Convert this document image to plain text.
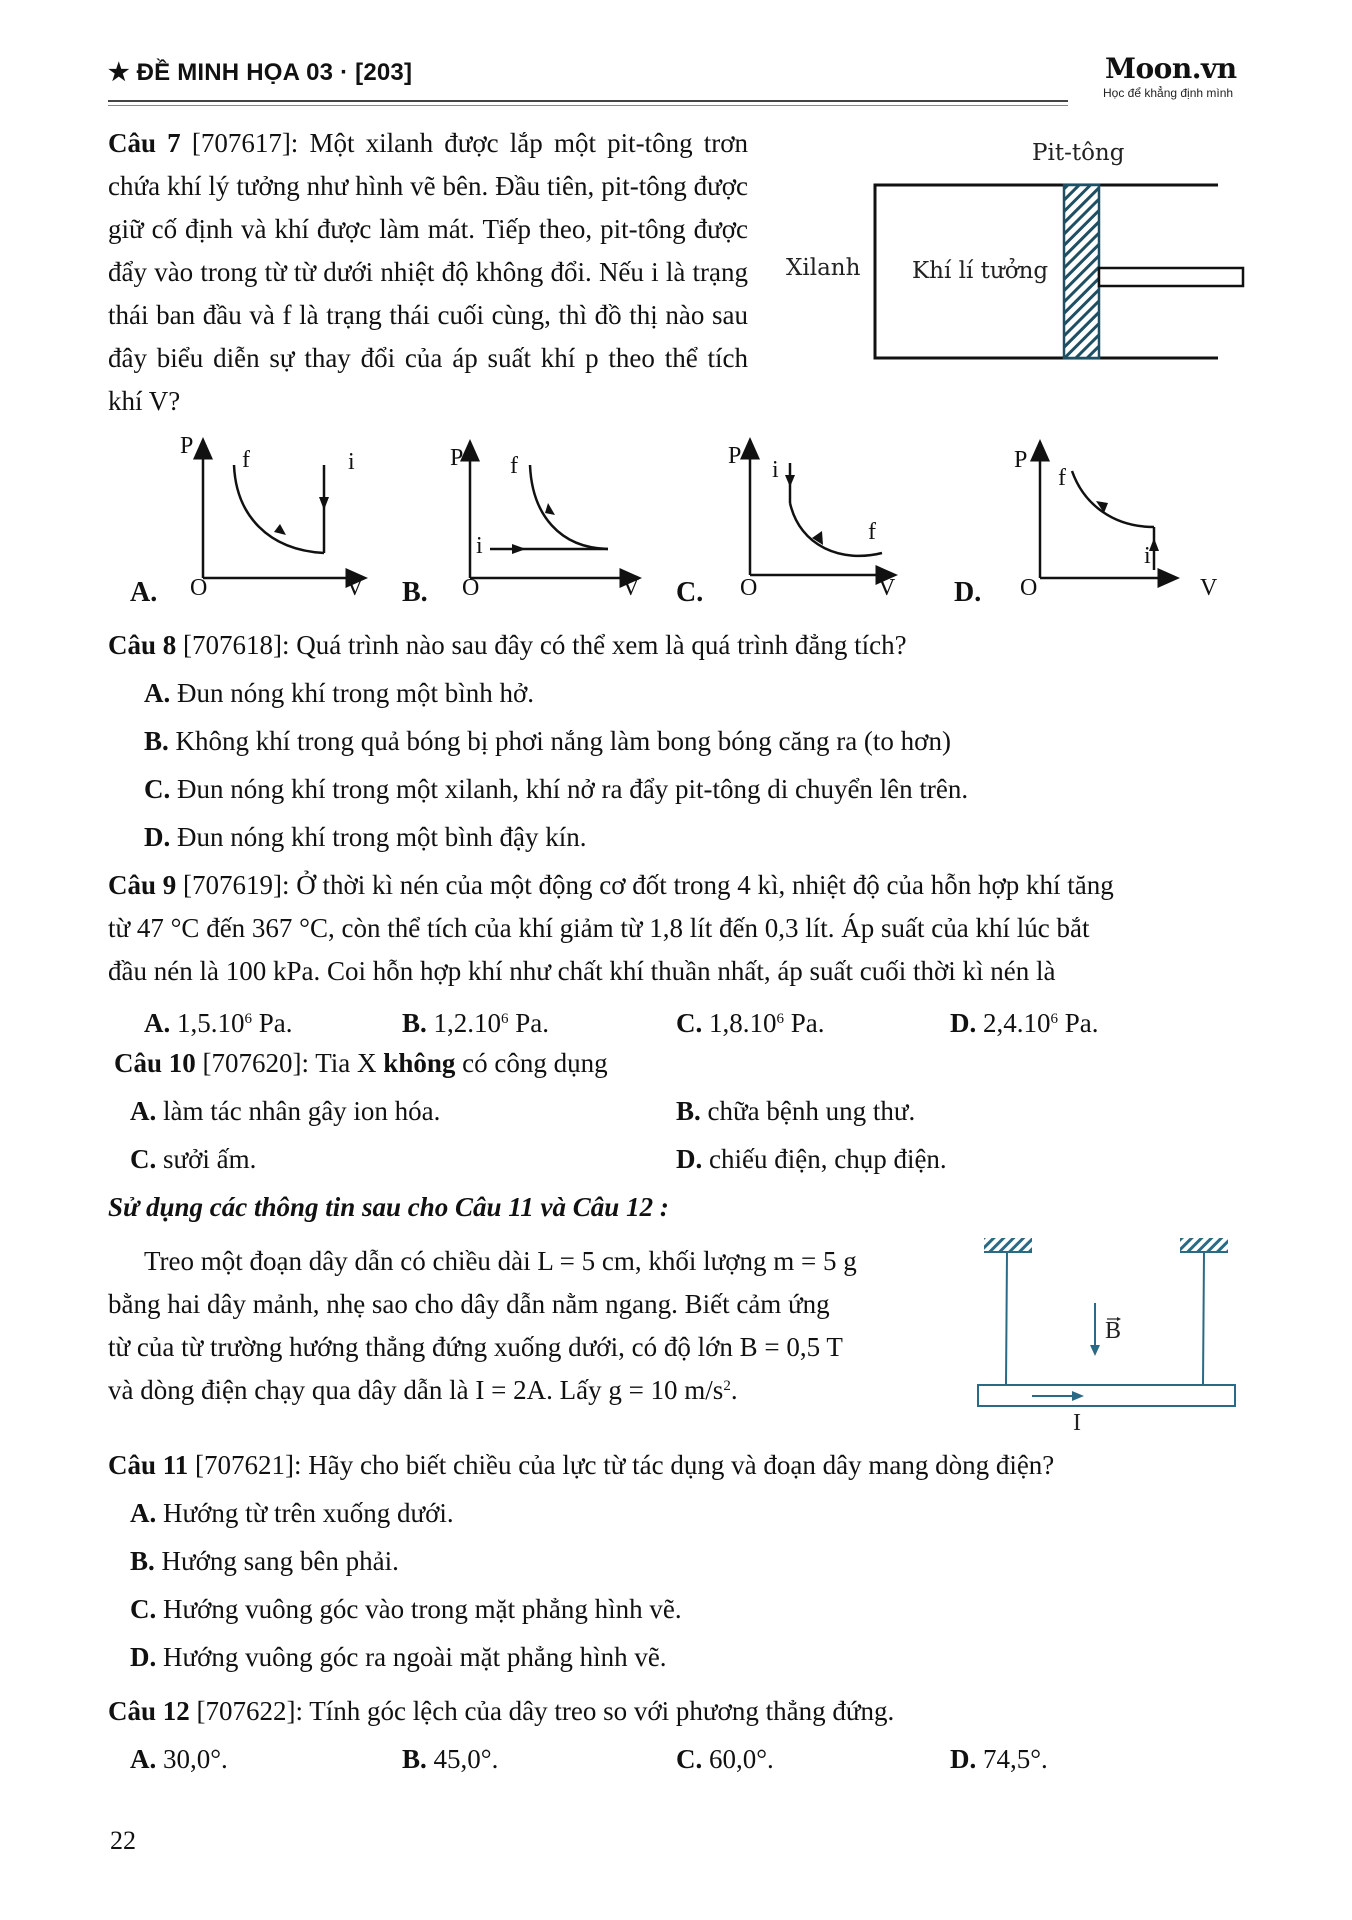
★ ĐỀ MINH HỌA 03 · [203]	Moon.vn
Học để khẳng định mình
Câu 7 [707617]: Một xilanh được lắp một pit-tông trơn chứa khí lý tưởng như hình vẽ bên. Đầu tiên, pit-tông được giữ cố định và khí được làm mát. Tiếp theo, pit-tông được đẩy vào trong từ từ dưới nhiệt độ không đổi. Nếu i là trạng thái ban đầu và f là trạng thái cuối cùng, thì đồ thị nào sau đây biểu diễn sự thay đổi của áp suất khí p theo thể tích khí V?
Pit-tông
Xilanh Khí lí tưởng
P
f	i
A. O	V
P f
i
B. O	V
P
i
f
C. O	V
P
f
i
D. O	V
Câu 8 [707618]: Quá trình nào sau đây có thể xem là quá trình đẳng tích?
A. Đun nóng khí trong một bình hở.
B. Không khí trong quả bóng bị phơi nắng làm bong bóng căng ra (to hơn)
C. Đun nóng khí trong một xilanh, khí nở ra đẩy pit-tông di chuyển lên trên.
D. Đun nóng khí trong một bình đậy kín.
Câu 9 [707619]: Ở thời kì nén của một động cơ đốt trong 4 kì, nhiệt độ của hỗn hợp khí tăng
từ 47 °C đến 367 °C, còn thể tích của khí giảm từ 1,8 lít đến 0,3 lít. Áp suất của khí lúc bắt
đầu nén là 100 kPa. Coi hỗn hợp khí như chất khí thuần nhất, áp suất cuối thời kì nén là
A. 1,5.10$^6$ Pa.	B. 1,2.10$^6$ Pa.	C. 1,8.10$^6$ Pa.	D. 2,4.10$^6$ Pa.
Câu 10 [707620]: Tia X không có công dụng
A. làm tác nhân gây ion hóa.	B. chữa bệnh ung thư.
C. sưởi ấm.	D. chiếu điện, chụp điện.
Sử dụng các thông tin sau cho Câu 11 và Câu 12 :
Treo một đoạn dây dẫn có chiều dài L = 5 cm, khối lượng m = 5 g
bằng hai dây mảnh, nhẹ sao cho dây dẫn nằm ngang. Biết cảm ứng
từ của từ trường hướng thẳng đứng xuống dưới, có độ lớn B = 0,5 T
và dòng điện chạy qua dây dẫn là I = 2A. Lấy g = 10 $m/s^2$.
B
I
Câu 11 [707621]: Hãy cho biết chiều của lực từ tác dụng và đoạn dây mang dòng điện?
A. Hướng từ trên xuống dưới.
B. Hướng sang bên phải.
C. Hướng vuông góc vào trong mặt phẳng hình vẽ.
D. Hướng vuông góc ra ngoài mặt phẳng hình vẽ.
Câu 12 [707622]: Tính góc lệch của dây treo so với phương thẳng đứng.
A. 30,0°.	B. 45,0°.	C. 60,0°.	D. 74,5°.
22
